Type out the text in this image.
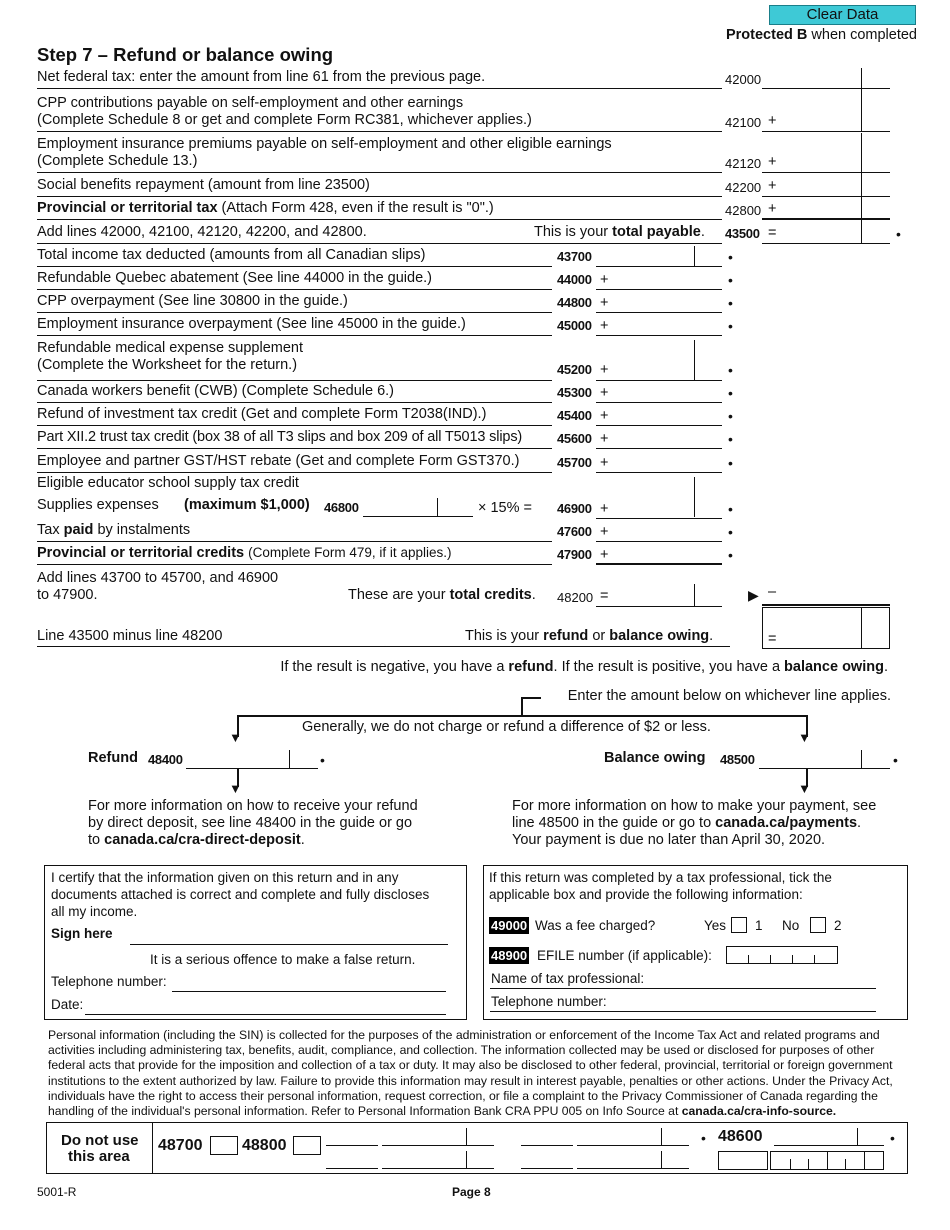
Clear Data
Protected B when completed
Step 7 – Refund or balance owing
Net federal tax: enter the amount from line 61 from the previous page.	42000
CPP contributions payable on self-employment and other earnings
(Complete Schedule 8 or get and complete Form RC381, whichever applies.)	42100 +
Employment insurance premiums payable on self-employment and other eligible earnings
(Complete Schedule 13.)	42120 +
Social benefits repayment (amount from line 23500)	42200 +
Provincial or territorial tax (Attach Form 428, even if the result is "0".)	42800 +
Add lines 42000, 42100, 42120, 42200, and 42800.	This is your total payable. 43500 =	•
Total income tax deducted (amounts from all Canadian slips)	43700	•
Refundable Quebec abatement (See line 44000 in the guide.)	44000 +	•
CPP overpayment (See line 30800 in the guide.)	44800 +	•
Employment insurance overpayment (See line 45000 in the guide.)	45000 +	•
Refundable medical expense supplement
(Complete the Worksheet for the return.)	45200 +	•
Canada workers benefit (CWB) (Complete Schedule 6.)	45300 +	•
Refund of investment tax credit (Get and complete Form T2038(IND).)	45400 +	•
Part XII.2 trust tax credit (box 38 of all T3 slips and box 209 of all T5013 slips)	45600 +	•
Employee and partner GST/HST rebate (Get and complete Form GST370.)	45700 +	•
Eligible educator school supply tax credit
Supplies expenses (maximum $1,000) 46800	× 15% = 46900 +	•
Tax paid by instalments	47600 +	•
Provincial or territorial credits (Complete Form 479, if it applies.)	47900 +	•
Add lines 43700 to 45700, and 46900
to 47900.	These are your total credits. 48200 =	▶ –
=
Line 43500 minus line 48200	This is your refund or balance owing.
If the result is negative, you have a refund. If the result is positive, you have a balance owing.
Enter the amount below on whichever line applies.
▼	▼
Generally, we do not charge or refund a difference of $2 or less.
Refund 48400	•
▼
Balance owing 48500	•
▼
For more information on how to receive your refund
by direct deposit, see line 48400 in the guide or go
to canada.ca/cra-direct-deposit.
For more information on how to make your payment, see
line 48500 in the guide or go to canada.ca/payments.
Your payment is due no later than April 30, 2020.
I certify that the information given on this return and in any
documents attached is correct and complete and fully discloses
all my income.
Sign here
It is a serious offence to make a false return.
Telephone number:
Date:
If this return was completed by a tax professional, tick the
applicable box and provide the following information:
49000 Was a fee charged?	Yes 1 No	2
48900 EFILE number (if applicable):
Name of tax professional:
Telephone number:
Personal information (including the SIN) is collected for the purposes of the administration or enforcement of the Income Tax Act and related programs and activities including administering tax, benefits, audit, compliance, and collection. The information collected may be used or disclosed for purposes of other federal acts that provide for the imposition and collection of a tax or duty. It may also be disclosed to other federal, provincial, territorial or foreign government institutions to the extent authorized by law. Failure to provide this information may result in interest payable, penalties or other actions. Under the Privacy Act, individuals have the right to access their personal information, request correction, or file a complaint to the Privacy Commissioner of Canada regarding the handling of the individual's personal information. Refer to Personal Information Bank CRA PPU 005 on Info Source at canada.ca/cra-info-source.
Do not use
this area
48700 48800	• 48600	•
5001-R	Page 8
